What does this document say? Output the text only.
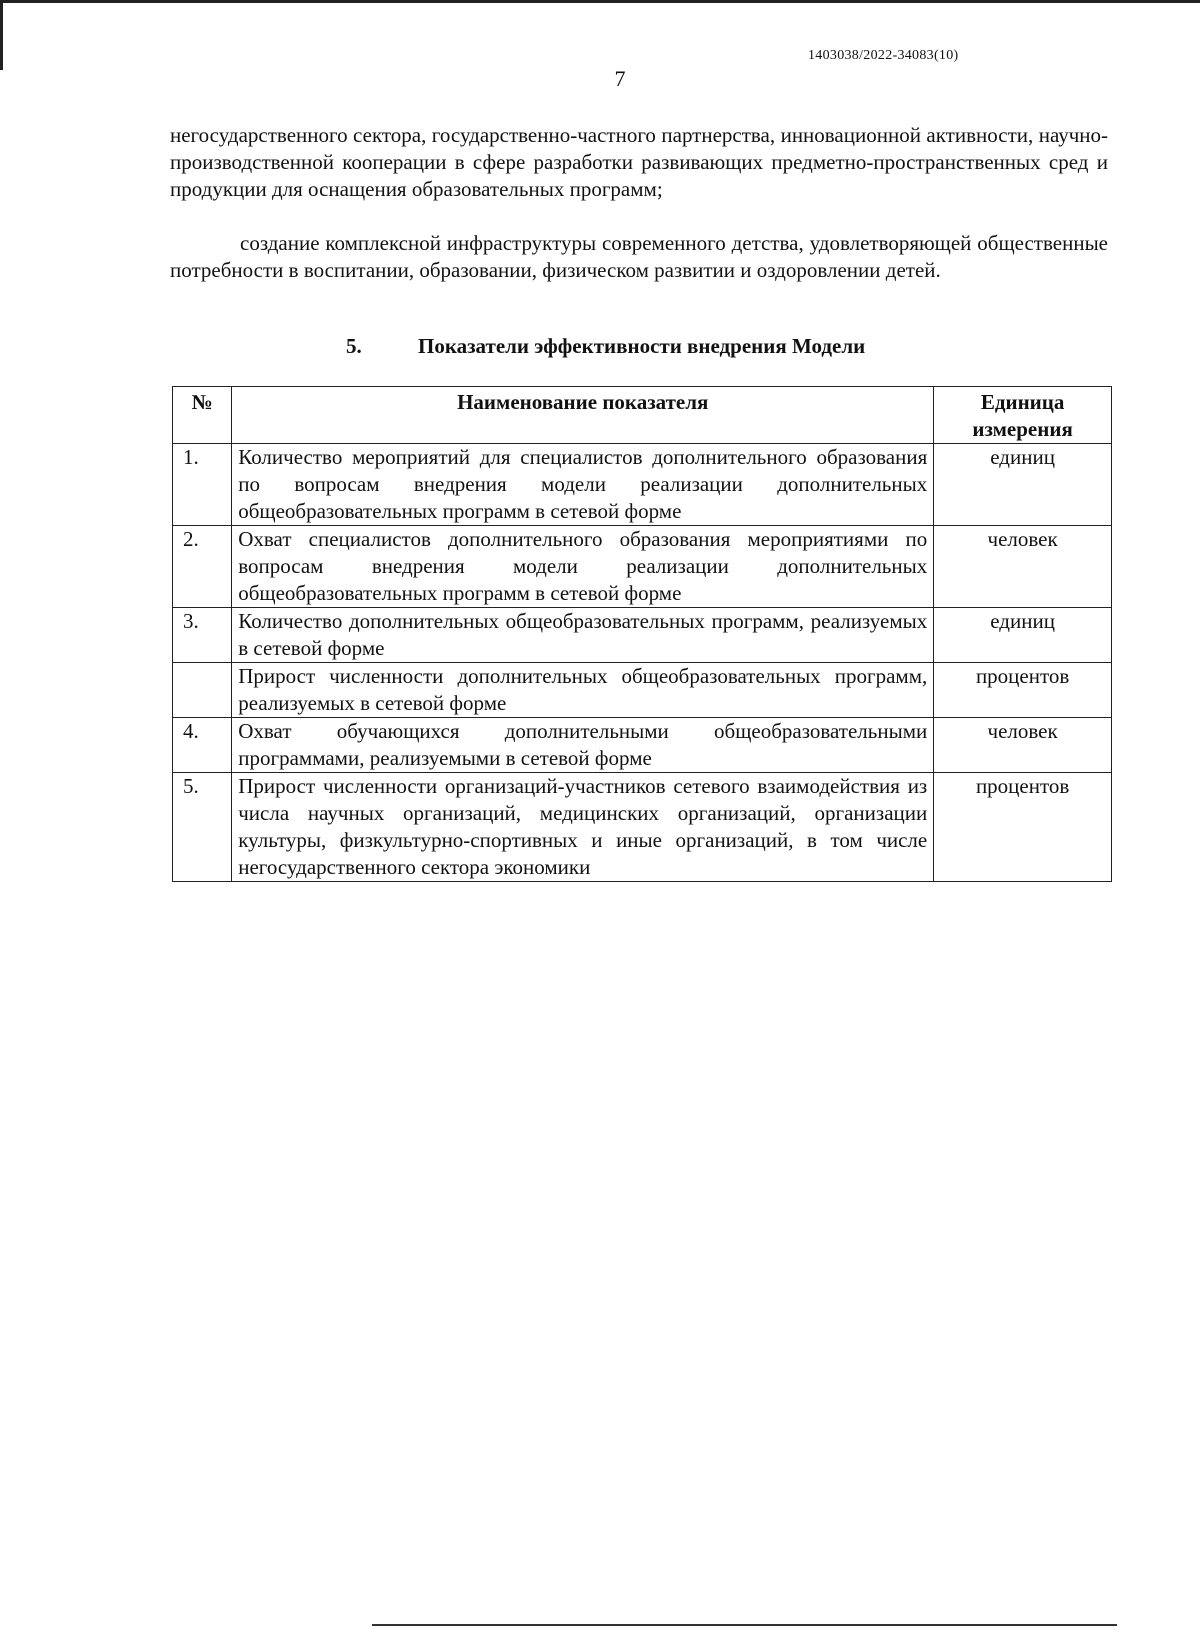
1403038/2022-34083(10)
7
негосударственного сектора, государственно-частного партнерства, инновационной активности, научно-производственной кооперации в сфере разработки развивающих предметно-пространственных сред и продукции для оснащения образовательных программ;
создание комплексной инфраструктуры современного детства, удовлетворяющей общественные потребности в воспитании, образовании, физическом развитии и оздоровлении детей.
5.	Показатели эффективности внедрения Модели
№	Наименование показателя	Единица измерения
1.	Количество мероприятий для специалистов дополнительного образования по вопросам внедрения модели реализации дополнительных общеобразовательных программ в сетевой форме	единиц
2.	Охват специалистов дополнительного образования мероприятиями по вопросам внедрения модели реализации дополнительных общеобразовательных программ в сетевой форме	человек
3.	Количество дополнительных общеобразовательных программ, реализуемых в сетевой форме	единиц
	Прирост численности дополнительных общеобразовательных программ, реализуемых в сетевой форме	процентов
4.	Охват обучающихся дополнительными общеобразовательными программами, реализуемыми в сетевой форме	человек
5.	Прирост численности организаций-участников сетевого взаимодействия из числа научных организаций, медицинских организаций, организации культуры, физкультурно-спортивных и иные организаций, в том числе негосударственного сектора экономики	процентов
